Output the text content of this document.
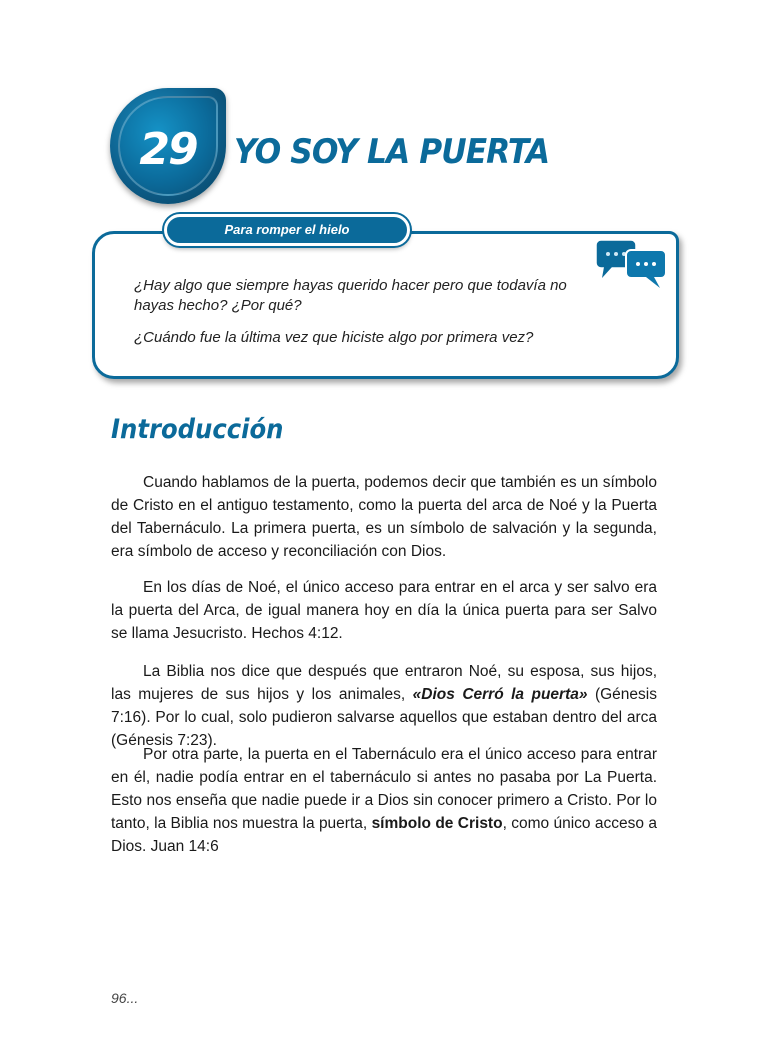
29	YO SOY LA PUERTA
Para romper el hielo
¿Hay algo que siempre hayas querido hacer pero que todavía no
hayas hecho? ¿Por qué?
¿Cuándo fue la última vez que hiciste algo por primera vez?
Introducción

Cuando hablamos de la puerta, podemos decir que también es un símbolo de Cristo en el antiguo testamento, como la puerta del arca de Noé y la Puerta del Tabernáculo. La primera puerta, es un símbolo de salvación y la segunda, era símbolo de acceso y reconciliación con Dios.

En los días de Noé, el único acceso para entrar en el arca y ser salvo era la puerta del Arca, de igual manera hoy en día la única puerta para ser Salvo se llama Jesucristo. Hechos 4:12.

La Biblia nos dice que después que entraron Noé, su esposa, sus hijos, las mujeres de sus hijos y los animales, «Dios Cerró la puerta» (Génesis 7:16). Por lo cual, solo pudieron salvarse aquellos que estaban dentro del arca (Génesis 7:23).

Por otra parte, la puerta en el Tabernáculo era el único acceso para entrar en él, nadie podía entrar en el tabernáculo si antes no pasaba por La Puerta. Esto nos enseña que nadie puede ir a Dios sin conocer primero a Cristo. Por lo tanto, la Biblia nos muestra la puerta, símbolo de Cristo, como único acceso a Dios. Juan 14:6

96...
